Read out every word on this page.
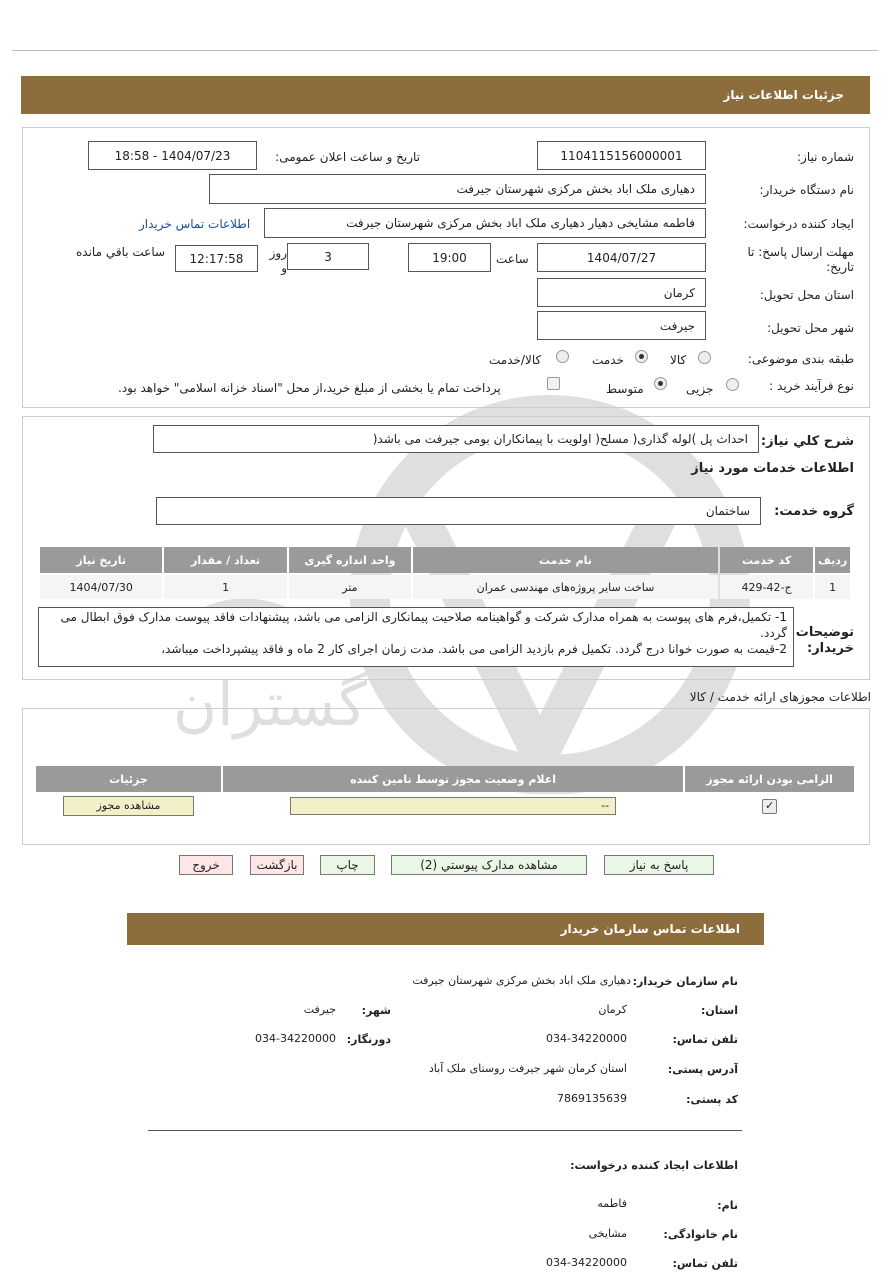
گستران
جزئیات اطلاعات نیاز
شماره نیاز:
1104115156000001
تاریخ و ساعت اعلان عمومی:
1404/07/23 - 18:58
نام دستگاه خریدار:
دهیاری ملک اباد بخش مرکزی شهرستان جیرفت
ایجاد کننده درخواست:
فاطمه مشایخی دهیار دهیاری ملک اباد بخش مرکزی شهرستان جیرفت
اطلاعات تماس خریدار
مهلت ارسال پاسخ: تا تاریخ:
1404/07/27
ساعت
19:00
3
روز و
12:17:58
ساعت باقي مانده
استان محل تحویل:
کرمان
شهر محل تحویل:
جیرفت
طبقه بندی موضوعی:
کالا
خدمت
کالا/خدمت
نوع فرآیند خرید :
جزیی
متوسط
پرداخت تمام یا بخشی از مبلغ خرید،از محل "اسناد خزانه اسلامی" خواهد بود.
شرح کلي نیاز:
احداث پل )لوله گذاری( مسلح( اولویت با پیمانکاران بومی جیرفت می باشد(
اطلاعات خدمات مورد نیاز
گروه خدمت:
ساختمان
ردیف	کد خدمت	نام خدمت	واحد اندازه گیری	تعداد / مقدار	تاریخ نیاز
1	ج-42-429	ساخت سایر پروژه‌های مهندسی عمران	متر	1	1404/07/30
توضیحات خریدار:
1- تکمیل،فرم های پیوست به همراه مدارک شرکت و گواهینامه صلاحیت پیمانکاری الزامی می باشد، پیشنهادات فاقد پیوست مدارک فوق ابطال می گردد.
2-قیمت به صورت خوانا درج گردد. تکمیل فرم بازدید الزامی می باشد. مدت زمان اجرای کار 2 ماه و فاقد پیشپرداخت میباشد،
اطلاعات مجوزهای ارائه خدمت / کالا
الزامی بودن ارائه مجوز	اعلام وضعیت مجوز توسط تامین کننده	جزئیات
✓	--	مشاهده مجوز
پاسخ به نیاز
مشاهده مدارک پیوستي (2)
چاپ
بازگشت
خروج
اطلاعات تماس سازمان خریدار
نام سازمان خریدار:
دهیاری ملک اباد بخش مرکزی شهرستان جیرفت
استان:
کرمان
شهر:
جیرفت
تلفن تماس:
034-34220000
دورنگار:
034-34220000
آدرس پستی:
استان کرمان شهر جیرفت روستای ملک آباد
کد پستی:
7869135639
اطلاعات ایجاد کننده درخواست:
نام:
فاطمه
نام خانوادگی:
مشایخی
تلفن تماس:
034-34220000
